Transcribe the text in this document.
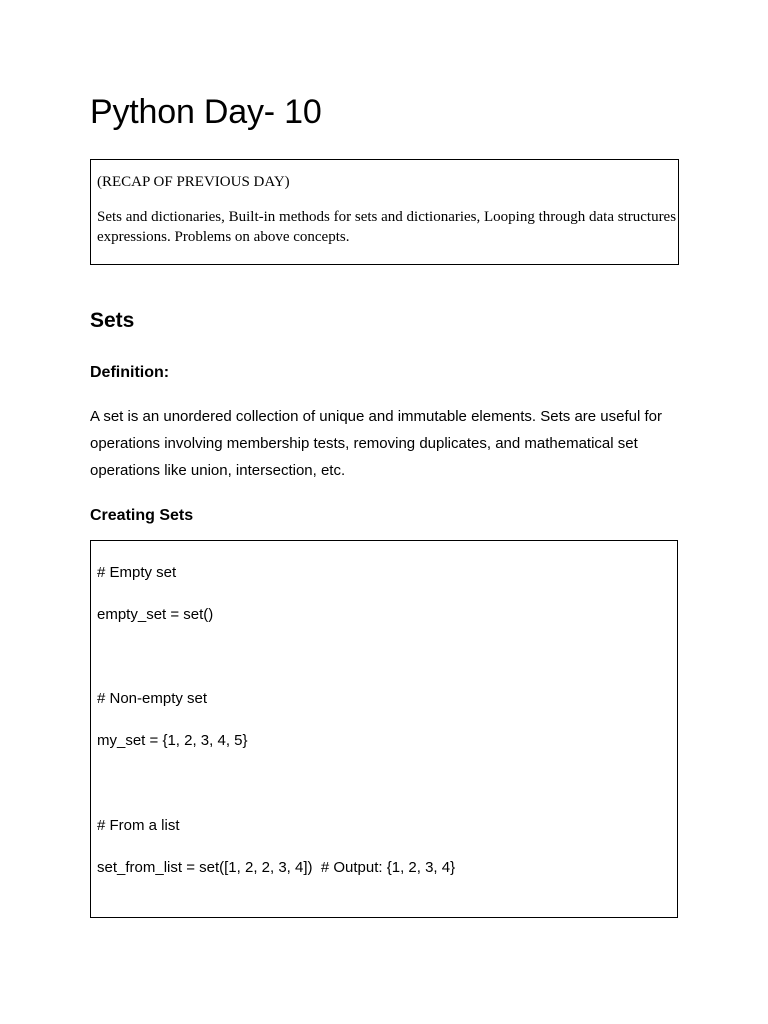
Python Day- 10
(RECAP OF PREVIOUS DAY)
Sets and dictionaries, Built-in methods for sets and dictionaries, Looping through data structures
expressions. Problems on above concepts.
Sets
Definition:

A set is an unordered collection of unique and immutable elements. Sets are useful for
operations involving membership tests, removing duplicates, and mathematical set
operations like union, intersection, etc.

Creating Sets
# Empty set
empty_set = set()
# Non-empty set
my_set = {1, 2, 3, 4, 5}
# From a list
set_from_list = set([1, 2, 2, 3, 4])  # Output: {1, 2, 3, 4}
